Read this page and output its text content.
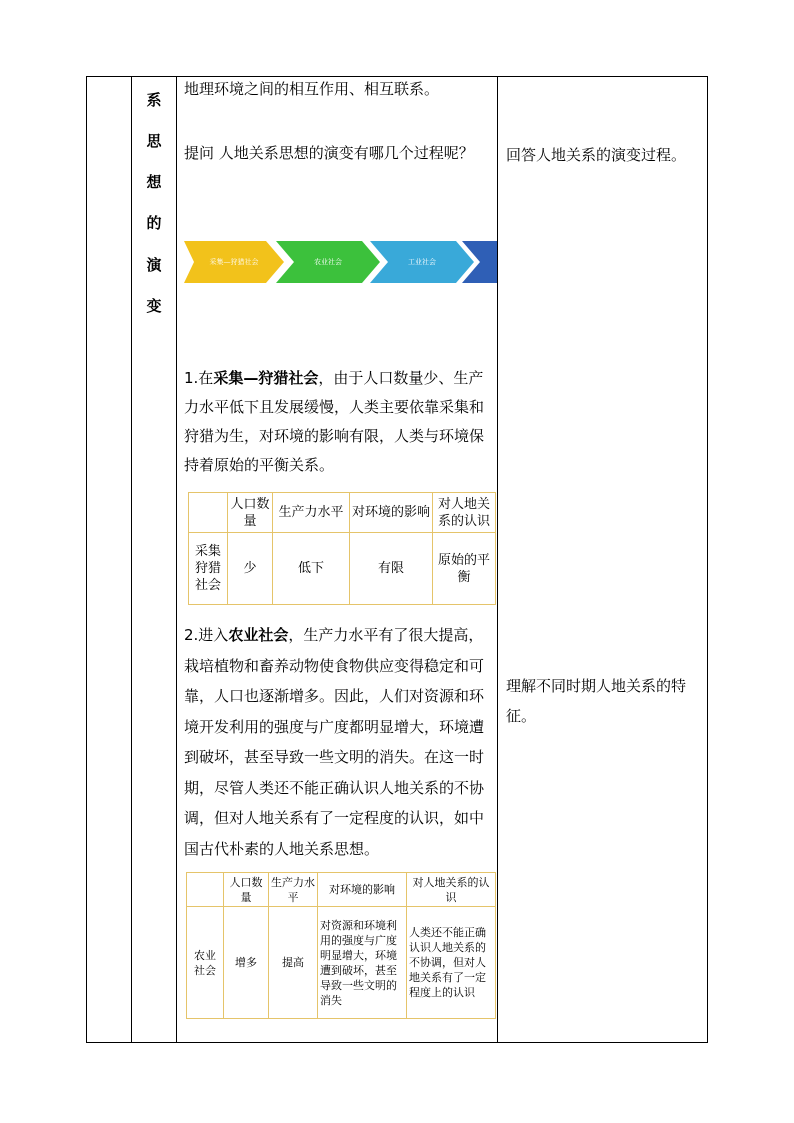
系
思
想
的
演
变
地理环境之间的相互作用、相互联系。
提问 人地关系思想的演变有哪几个过程呢？
采集—狩猎社会	农业社会	工业社会
1.在采集—狩猎社会，由于人口数量少、生产力水平低下且发展缓慢，人类主要依靠采集和狩猎为生，对环境的影响有限，人类与环境保持着原始的平衡关系。
	人口数量	生产力水平	对环境的影响	对人地关系的认识
采集狩猎社会	少	低下	有限	原始的平衡
2.进入农业社会，生产力水平有了很大提高，栽培植物和畜养动物使食物供应变得稳定和可靠，人口也逐渐增多。因此，人们对资源和环境开发利用的强度与广度都明显增大，环境遭到破坏，甚至导致一些文明的消失。在这一时期，尽管人类还不能正确认识人地关系的不协调，但对人地关系有了一定程度的认识，如中国古代朴素的人地关系思想。
	人口数量	生产力水平	对环境的影响	对人地关系的认识
农业社会	增多	提高	对资源和环境利用的强度与广度明显增大，环境遭到破坏，甚至导致一些文明的消失	人类还不能正确认识人地关系的不协调，但对人地关系有了一定程度上的认识
回答人地关系的演变过程。
理解不同时期人地关系的特征。
